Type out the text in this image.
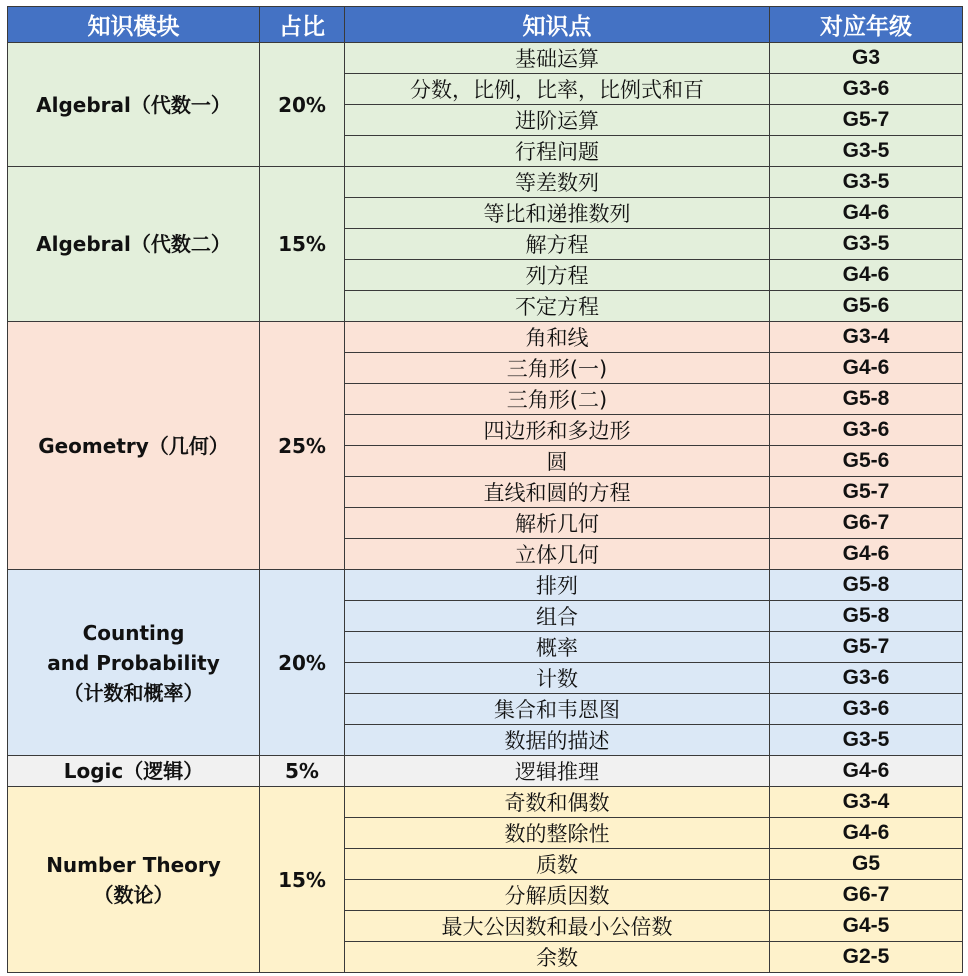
知识模块	占比	知识点	对应年级

Algebral（代数一）	20%	基础运算	G3
		分数，比例，比率，比例式和百	G3-6
		进阶运算	G5-7
		行程问题	G3-5

Algebral（代数二）	15%	等差数列	G3-5
		等比和递推数列	G4-6
		解方程	G3-5
		列方程	G4-6
		不定方程	G5-6

Geometry（几何）	25%	角和线	G3-4
		三角形(一)	G4-6
		三角形(二)	G5-8
		四边形和多边形	G3-6
		圆	G5-6
		直线和圆的方程	G5-7
		解析几何	G6-7
		立体几何	G4-6

Counting
and Probability
（计数和概率）	20%	排列	G5-8
		组合	G5-8
		概率	G5-7
		计数	G3-6
		集合和韦恩图	G3-6
		数据的描述	G3-5

Logic（逻辑）	5%	逻辑推理	G4-6

Number Theory
（数论）	15%	奇数和偶数	G3-4
		数的整除性	G4-6
		质数	G5
		分解质因数	G6-7
		最大公因数和最小公倍数	G4-5
		余数	G2-5
